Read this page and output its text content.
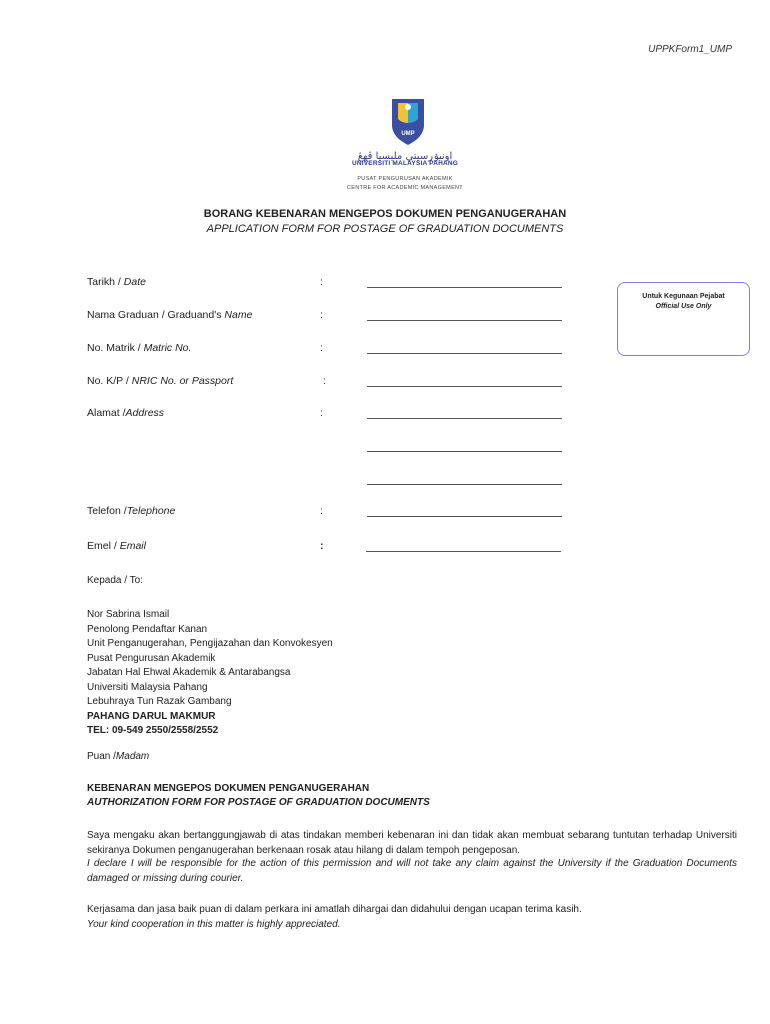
UPPKForm1_UMP
UMP
اونيۏرسيتي مليسيا ڤهڠ
UNIVERSITI MALAYSIA PAHANG
PUSAT PENGURUSAN AKADEMIK
CENTRE FOR ACADEMIC MANAGEMENT
BORANG KEBENARAN MENGEPOS DOKUMEN PENGANUGERAHAN
APPLICATION FORM FOR POSTAGE OF GRADUATION DOCUMENTS
Tarikh / Date	:
Nama Graduan / Graduand's Name	:
No. Matrik / Matric No.	:
No. K/P / NRIC No. or Passport	:
Alamat /Address	:
Telefon /Telephone	:
Emel / Email	:
Untuk Kegunaan Pejabat
Official Use Only
Kepada / To:
Nor Sabrina Ismail
Penolong Pendaftar Kanan
Unit Penganugerahan, Pengijazahan dan Konvokesyen
Pusat Pengurusan Akademik
Jabatan Hal Ehwal Akademik & Antarabangsa
Universiti Malaysia Pahang
Lebuhraya Tun Razak Gambang
PAHANG DARUL MAKMUR
TEL: 09-549 2550/2558/2552
Puan /Madam
KEBENARAN MENGEPOS DOKUMEN PENGANUGERAHAN
AUTHORIZATION FORM FOR POSTAGE OF GRADUATION DOCUMENTS
Saya mengaku akan bertanggungjawab di atas tindakan memberi kebenaran ini dan tidak akan membuat sebarang tuntutan terhadap Universiti sekiranya Dokumen penganugerahan berkenaan rosak atau hilang di dalam tempoh pengeposan.
I declare I will be responsible for the action of this permission and will not take any claim against the University if the Graduation Documents damaged or missing during courier.
Kerjasama dan jasa baik puan di dalam perkara ini amatlah dihargai dan didahului dengan ucapan terima kasih.
Your kind cooperation in this matter is highly appreciated.
